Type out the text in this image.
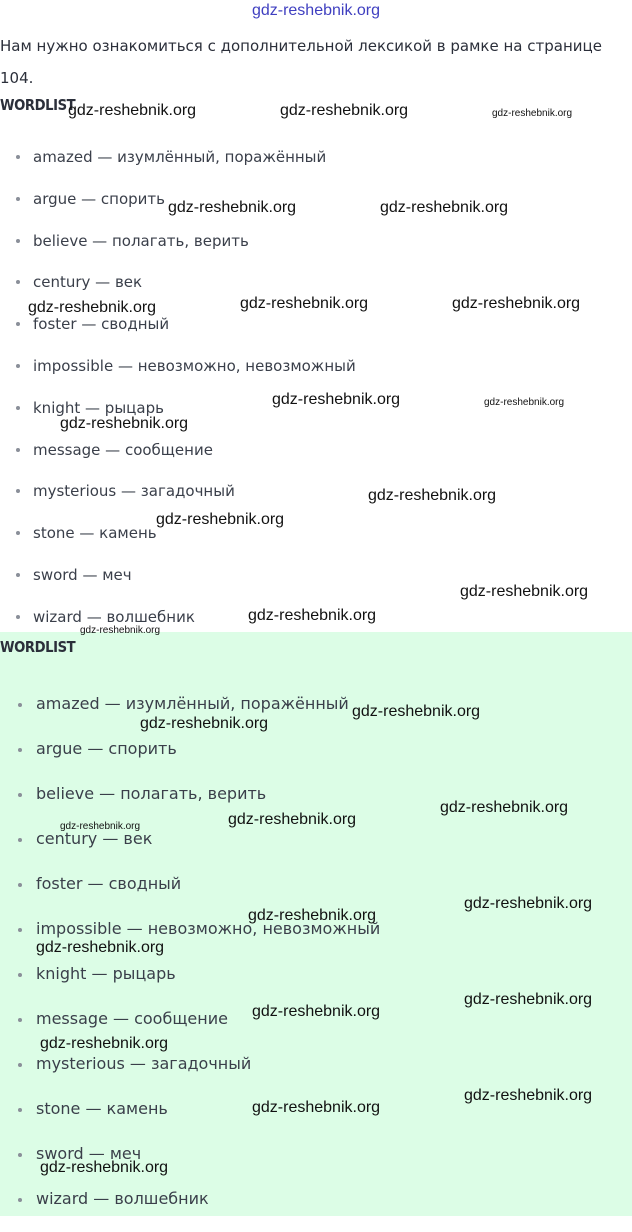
gdz-reshebnik.org

Нам нужно ознакомиться с дополнительной лексикой в рамке на странице 104.

WORDLIST
amazed — изумлённый, поражённый
argue — спорить
believe — полагать, верить
century — век
foster — сводный
impossible — невозможно, невозможный
knight — рыцарь
message — сообщение
mysterious — загадочный
stone — камень
sword — меч
wizard — волшебник
WORDLIST
amazed — изумлённый, поражённый
argue — спорить
believe — полагать, верить
century — век
foster — сводный
impossible — невозможно, невозможный
knight — рыцарь
message — сообщение
mysterious — загадочный
stone — камень
sword — меч
wizard — волшебник
gdz-reshebnik.org	gdz-reshebnik.org	gdz-reshebnik.org
gdz-reshebnik.org	gdz-reshebnik.org
gdz-reshebnik.org	gdz-reshebnik.org	gdz-reshebnik.org
gdz-reshebnik.org	gdz-reshebnik.org
gdz-reshebnik.org
gdz-reshebnik.org
gdz-reshebnik.org
gdz-reshebnik.org
gdz-reshebnik.org
gdz-reshebnik.org
gdz-reshebnik.org
gdz-reshebnik.org
gdz-reshebnik.org
gdz-reshebnik.org
gdz-reshebnik.org
gdz-reshebnik.org
gdz-reshebnik.org
gdz-reshebnik.org
gdz-reshebnik.org
gdz-reshebnik.org
gdz-reshebnik.org
gdz-reshebnik.org
gdz-reshebnik.org
gdz-reshebnik.org
